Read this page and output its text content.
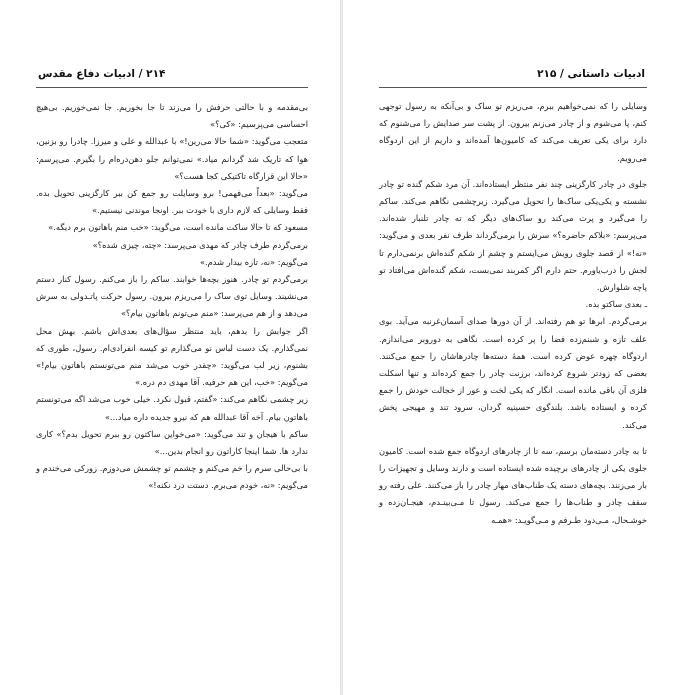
۲۱۴ / ادبیات دفاع مقدس

بی‌مقدمه و با حالتی حرفش را می‌زند تا جا بخوریم. جا نمی‌خوریم. بی‌هیچ احساسی می‌پرسیم: «کی؟»

متعجب می‌گوید: «شما حالا می‌رین!» با عبدالله و علی و میرزا. چادرا رو بزنین، هوا که تاریک شد گردانم میاد.» نمی‌توانم جلو دهن‌دره‌ام را بگیرم. می‌پرسم: «حالا این قرارگاه تاکتیکی کجا هست؟»

می‌گوید: «بعداً می‌فهمی! برو وسایلت رو جمع کن ببر کارگزینی تحویل بده. فقط وسایلی که لازم داری با خودت ببر. اونجا موندنی نیستیم.»

مسعود که تا حالا ساکت مانده است، می‌گوید: «خب منم باهاتون برم دیگه.»

برمی‌گردم طرف چادر که مهدی می‌پرسد: «چته، چیزی شده؟»

می‌گویم: «نه، تازه بیدار شدم.»

برمی‌گردم تو چادر. هنوز بچه‌ها خوابند. ساکم را باز می‌کنم. رسول کنار دستم می‌نشیند. وسایل توی ساک را می‌ریزم بیرون. رسول حرکت پاتـدولی به سرش می‌دهد و از هم می‌پرسد: «منم می‌تونم باهاتون بیام؟»

اگر جوابش را بدهم، باید منتظر سؤال‌های بعدی‌اش باشم. بهش محل نمی‌گذارم. یک دست لباس نو می‌گذارم تو کیسه انفرادی‌ام. رسول، طوری که بشنوم، زیر لب می‌گوید: «چقدر خوب می‌شد منم می‌تونستم باهاتون بیام!» می‌گویم: «خب، این هم حرفیه. آقا مهدی دم دره.»

زیر چشمی نگاهم می‌کند: «گفتم، قبول نکرد. خیلی خوب می‌شد اگه می‌تونستم باهاتون بیام. آخه آقا عبدالله هم که نیرو جدیده داره میاد...»

ساکم با هیجان و تند می‌گوید: «می‌خواین ساکتون رو ببرم تحویل بدم؟» کاری ندارد ها. شما اینجا کاراتون رو انجام بدین...»

با بی‌حالی سرم را خم می‌کنم و چشمم تو چشمش می‌دوزم. زورکی می‌خندم و می‌گویم: «نه، خودم می‌برم. دستت درد نکنه!»

ادبیات داستانی / ۲۱۵

وسایلی را که نمی‌خواهیم ببرم، می‌ریزم تو ساک و بی‌آنکه به رسول توجهی کنم، پا می‌شوم و از چادر می‌زنم بیرون. از پشت سر صدایش را می‌شنوم که دارد برای یکی تعریف می‌کند که کامیون‌ها آمده‌اند و داریم از این اردوگاه می‌رویم.

جلوی در چادر کارگزینی چند نفر منتظر ایستاده‌اند. آن مرد شکم گنده تو چادر نشسته و یکی‌یکی ساک‌ها را تحویل می‌گیرد. زیرچشمی نگاهم می‌کند. ساکم را می‌گیرد و پرت می‌کند رو ساک‌های دیگر که ته چادر تلنبار شده‌اند. می‌پرسم: «بلاکم حاضره؟» سرش را برمی‌گرداند طرف نفر بعدی و می‌گوید: «نه!» از قصد جلوی رویش می‌ایستم و چشم از شکم گنده‌اش برنمی‌دارم تا لجش را درب‌یاورم. حتم دارم اگر کمربند نمی‌بست، شکم گنده‌اش می‌افتاد تو پاچه شلوارش.

ـ بعدی ساکتو بده.

برمی‌گردم. ابرها تو هم رفته‌اند. از آن دورها صدای آسمان‌غرنبه می‌آید. بوی علف تازه و شبنم‌زده فضا را پر کرده است. نگاهی به دوروبر می‌اندازم. اردوگاه چهره عوض کرده است. همهٔ دسته‌ها چادرهاشان را جمع می‌کنند. بعضی که زودتر شروع کرده‌اند، برزنت چادر را جمع کرده‌اند و تنها اسکلت فلزی آن باقی مانده است. انگار که یکی لخت و عور از خجالت خودش را جمع کرده و ایستاده باشد. بلندگوی حسینیه گردان، سرود تند و مهیجی پخش می‌کند.

تا به چادر دسته‌مان برسم، سه تا از چادرهای اردوگاه جمع شده است. کامیون جلوی یکی از چادرهای برچیده شده ایستاده است و دارند وسایل و تجهیزات را بار می‌زنند. بچه‌های دسته یک طناب‌های مهار چادر را باز می‌کنند. علی رفته رو سقف چادر و طناب‌ها را جمع می‌کند. رسول تا مـی‌بینـدم، هیجـان‌زده و خوشـحال، مـی‌دود طـرفم و مـی‌گویـد: «همـه
